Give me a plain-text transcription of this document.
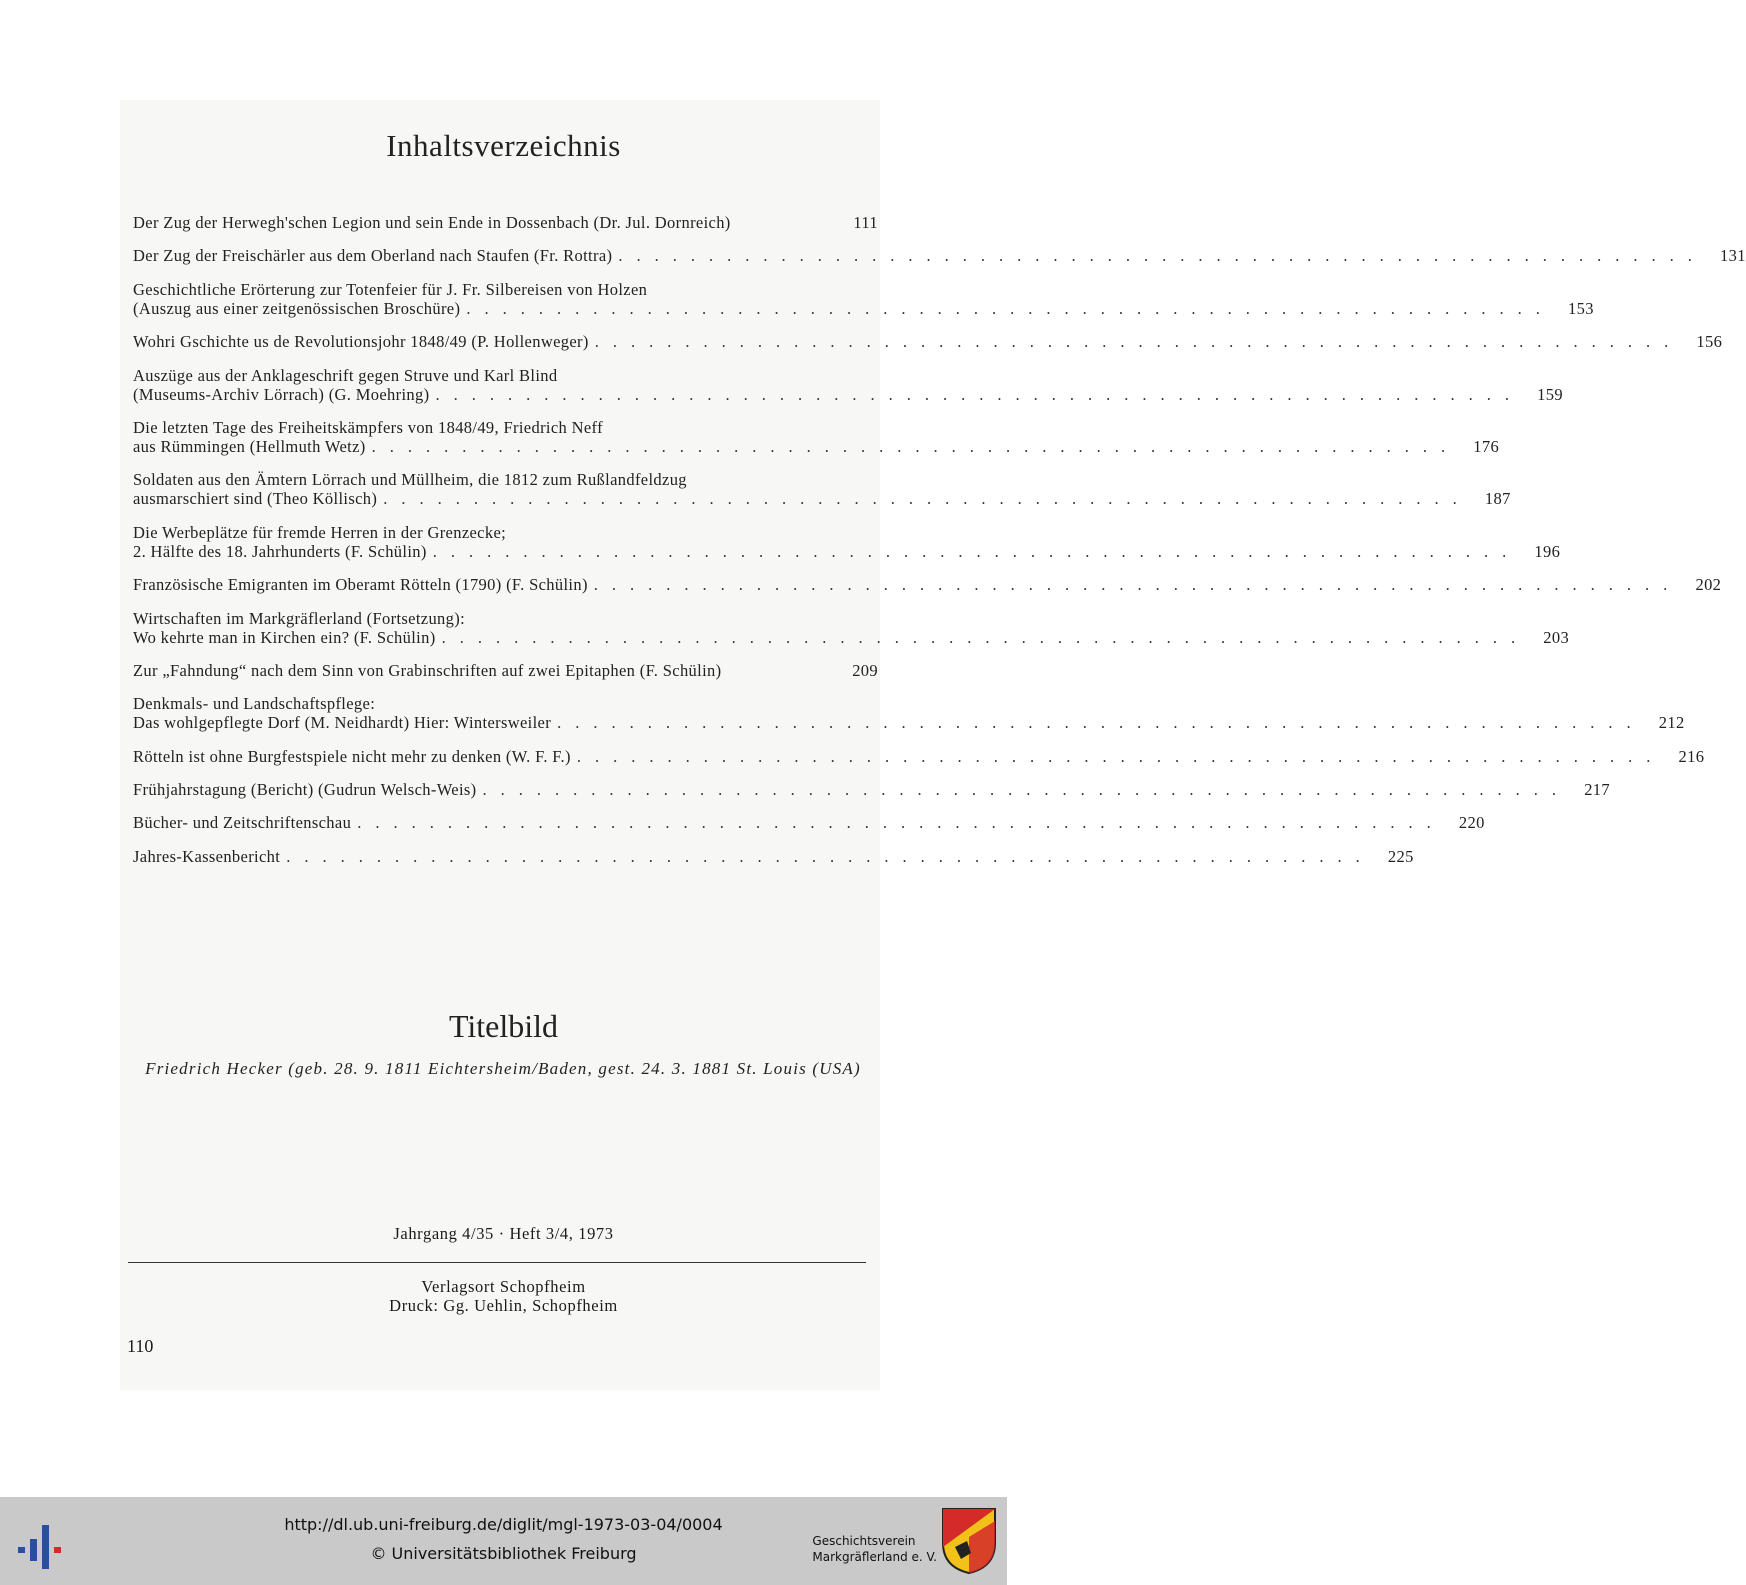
Inhaltsverzeichnis
Der Zug der Herwegh'schen Legion und sein Ende in Dossenbach (Dr. Jul. Dornreich)	111
Der Zug der Freischärler aus dem Oberland nach Staufen (Fr. Rottra) ............................................................ 131
Geschichtliche Erörterung zur Totenfeier für J. Fr. Silbereisen von Holzen
(Auszug aus einer zeitgenössischen Broschüre) ............................................................ 153
Wohri Gschichte us de Revolutionsjohr 1848/49 (P. Hollenweger) ............................................................ 156
Auszüge aus der Anklageschrift gegen Struve und Karl Blind
(Museums-Archiv Lörrach) (G. Moehring) ............................................................ 159
Die letzten Tage des Freiheitskämpfers von 1848/49, Friedrich Neff
aus Rümmingen (Hellmuth Wetz) ............................................................ 176
Soldaten aus den Ämtern Lörrach und Müllheim, die 1812 zum Rußlandfeldzug
ausmarschiert sind (Theo Köllisch) ............................................................ 187
Die Werbeplätze für fremde Herren in der Grenzecke;
2. Hälfte des 18. Jahrhunderts (F. Schülin) ............................................................ 196
Französische Emigranten im Oberamt Rötteln (1790) (F. Schülin) ............................................................ 202
Wirtschaften im Markgräflerland (Fortsetzung):
Wo kehrte man in Kirchen ein? (F. Schülin) ............................................................ 203
Zur „Fahndung“ nach dem Sinn von Grabinschriften auf zwei Epitaphen (F. Schülin)	209
Denkmals- und Landschaftspflege:
Das wohlgepflegte Dorf (M. Neidhardt) Hier: Wintersweiler ............................................................ 212
Rötteln ist ohne Burgfestspiele nicht mehr zu denken (W. F. F.) ............................................................ 216
Frühjahrstagung (Bericht) (Gudrun Welsch-Weis) ............................................................ 217
Bücher- und Zeitschriftenschau ............................................................ 220
Jahres-Kassenbericht ............................................................ 225
Titelbild
Friedrich Hecker (geb. 28. 9. 1811 Eichtersheim/Baden, gest. 24. 3. 1881 St. Louis (USA)
Jahrgang 4/35 · Heft 3/4, 1973
Verlagsort Schopfheim
Druck: Gg. Uehlin, Schopfheim
110
http://dl.ub.uni-freiburg.de/diglit/mgl-1973-03-04/0004
© Universitätsbibliothek Freiburg
Geschichtsverein
Markgräflerland e. V.
